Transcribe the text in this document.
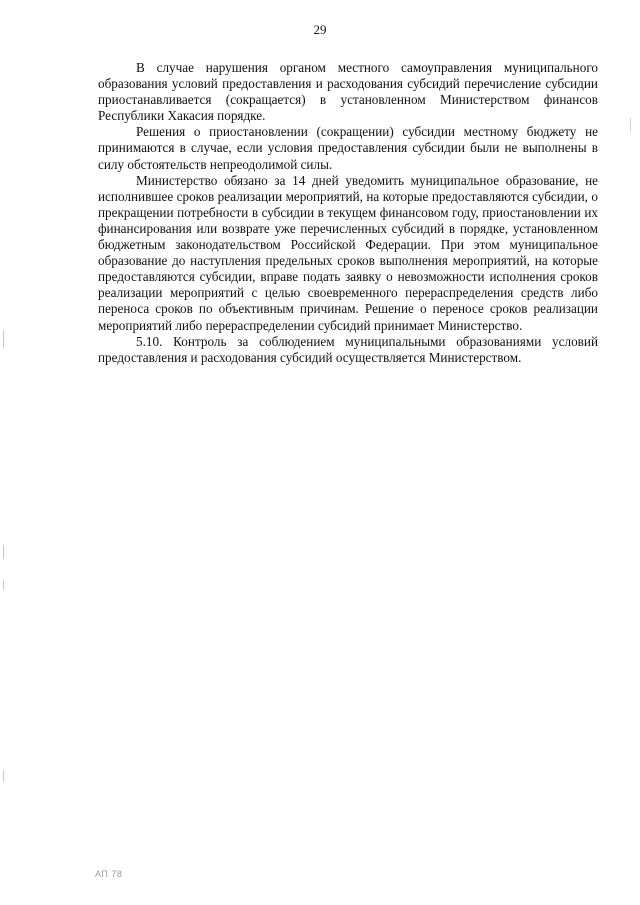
29

В случае нарушения органом местного самоуправления муниципального образования условий предоставления и расходования субсидий перечисление субсидии приостанавливается (сокращается) в установленном Министерством финансов Республики Хакасия порядке.

Решения о приостановлении (сокращении) субсидии местному бюджету не принимаются в случае, если условия предоставления субсидии были не выполнены в силу обстоятельств непреодолимой силы.

Министерство обязано за 14 дней уведомить муниципальное образование, не исполнившее сроков реализации мероприятий, на которые предоставляются субсидии, о прекращении потребности в субсидии в текущем финансовом году, приостановлении их финансирования или возврате уже перечисленных субсидий в порядке, установленном бюджетным законодательством Российской Федерации. При этом муниципальное образование до наступления предельных сроков выполнения мероприятий, на которые предоставляются субсидии, вправе подать заявку о невозможности исполнения сроков реализации мероприятий с целью своевременного перераспределения средств либо переноса сроков по объективным причинам. Решение о переносе сроков реализации мероприятий либо перераспределении субсидий принимает Министерство.

5.10. Контроль за соблюдением муниципальными образованиями условий предоставления и расходования субсидий осуществляется Министерством.

АП 78
